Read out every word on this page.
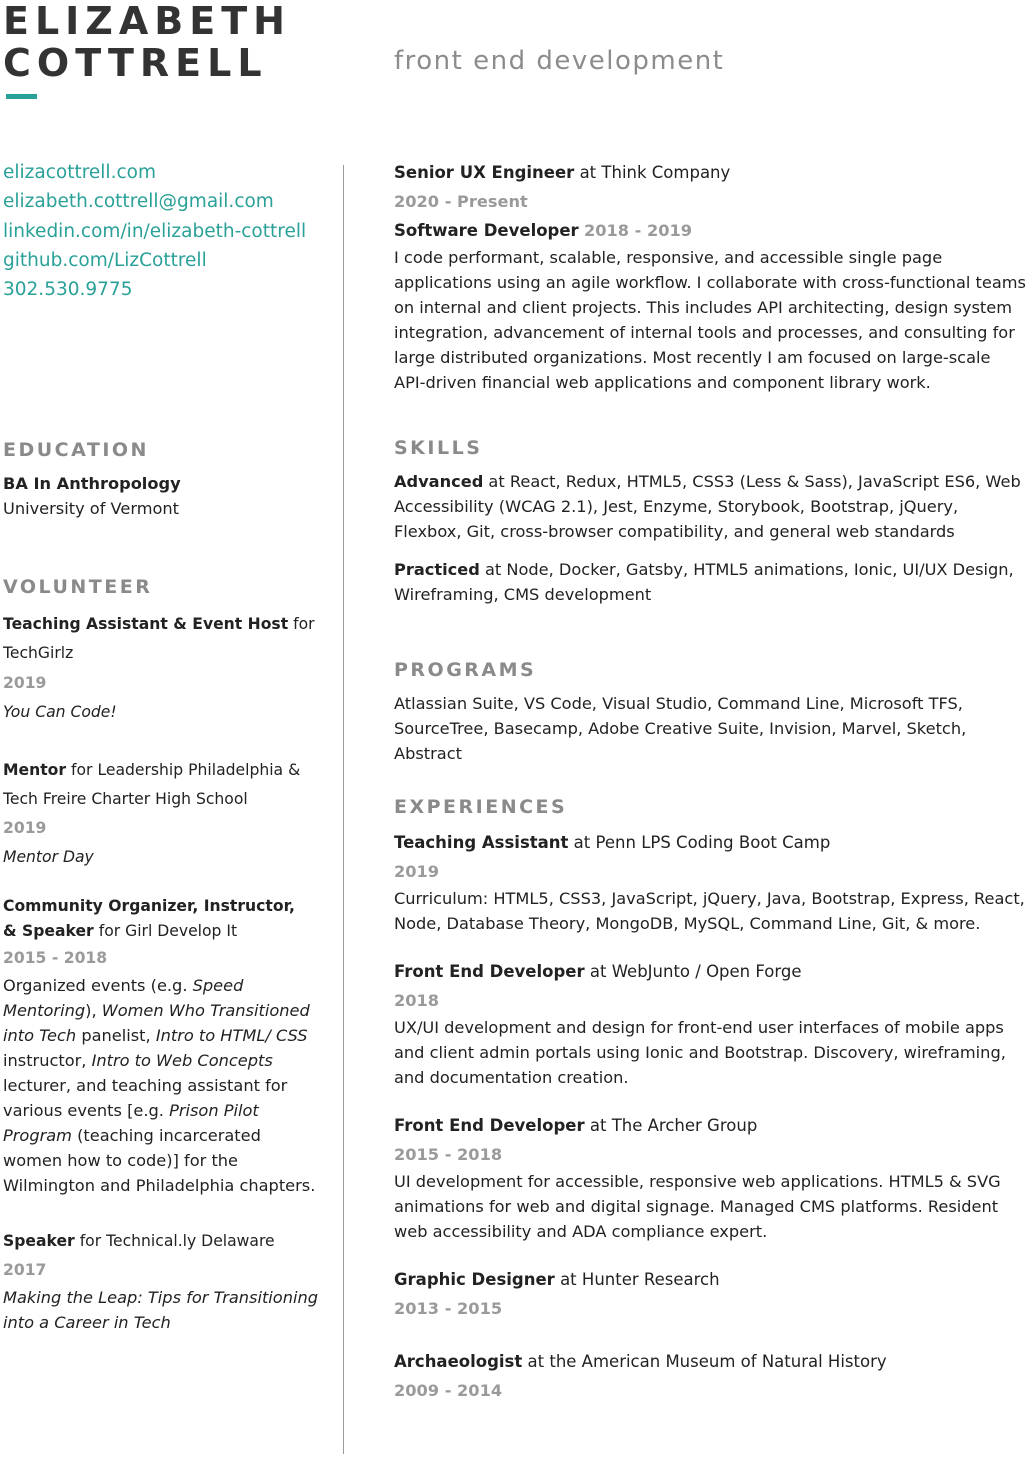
ELIZABETH
COTTRELL	front end development
elizacottrell.com
elizabeth.cottrell@gmail.com
linkedin.com/in/elizabeth-cottrell
github.com/LizCottrell
302.530.9775
EDUCATION
BA In Anthropology
University of Vermont
VOLUNTEER
Teaching Assistant & Event Host for
TechGirlz
2019
You Can Code!
Mentor for Leadership Philadelphia &
Tech Freire Charter High School
2019
Mentor Day
Community Organizer, Instructor,
& Speaker for Girl Develop It
2015 - 2018
Organized events (e.g. Speed Mentoring), Women Who Transitioned into Tech panelist, Intro to HTML/ CSS instructor, Intro to Web Concepts lecturer, and teaching assistant for various events [e.g. Prison Pilot Program (teaching incarcerated women how to code)] for the Wilmington and Philadelphia chapters.
Speaker for Technical.ly Delaware
2017
Making the Leap: Tips for Transitioning into a Career in Tech
Senior UX Engineer at Think Company
2020 - Present
Software Developer 2018 - 2019
I code performant, scalable, responsive, and accessible single page applications using an agile workflow. I collaborate with cross-functional teams on internal and client projects. This includes API architecting, design system integration, advancement of internal tools and processes, and consulting for large distributed organizations. Most recently I am focused on large-scale API-driven financial web applications and component library work.
SKILLS
Advanced at React, Redux, HTML5, CSS3 (Less & Sass), JavaScript ES6, Web Accessibility (WCAG 2.1), Jest, Enzyme, Storybook, Bootstrap, jQuery, Flexbox, Git, cross-browser compatibility, and general web standards
Practiced at Node, Docker, Gatsby, HTML5 animations, Ionic, UI/UX Design, Wireframing, CMS development
PROGRAMS
Atlassian Suite, VS Code, Visual Studio, Command Line, Microsoft TFS, SourceTree, Basecamp, Adobe Creative Suite, Invision, Marvel, Sketch, Abstract
EXPERIENCES
Teaching Assistant at Penn LPS Coding Boot Camp
2019
Curriculum: HTML5, CSS3, JavaScript, jQuery, Java, Bootstrap, Express, React, Node, Database Theory, MongoDB, MySQL, Command Line, Git, & more.
Front End Developer at WebJunto / Open Forge
2018
UX/UI development and design for front-end user interfaces of mobile apps and client admin portals using Ionic and Bootstrap. Discovery, wireframing, and documentation creation.
Front End Developer at The Archer Group
2015 - 2018
UI development for accessible, responsive web applications. HTML5 & SVG animations for web and digital signage. Managed CMS platforms. Resident web accessibility and ADA compliance expert.
Graphic Designer at Hunter Research
2013 - 2015
Archaeologist at the American Museum of Natural History
2009 - 2014
